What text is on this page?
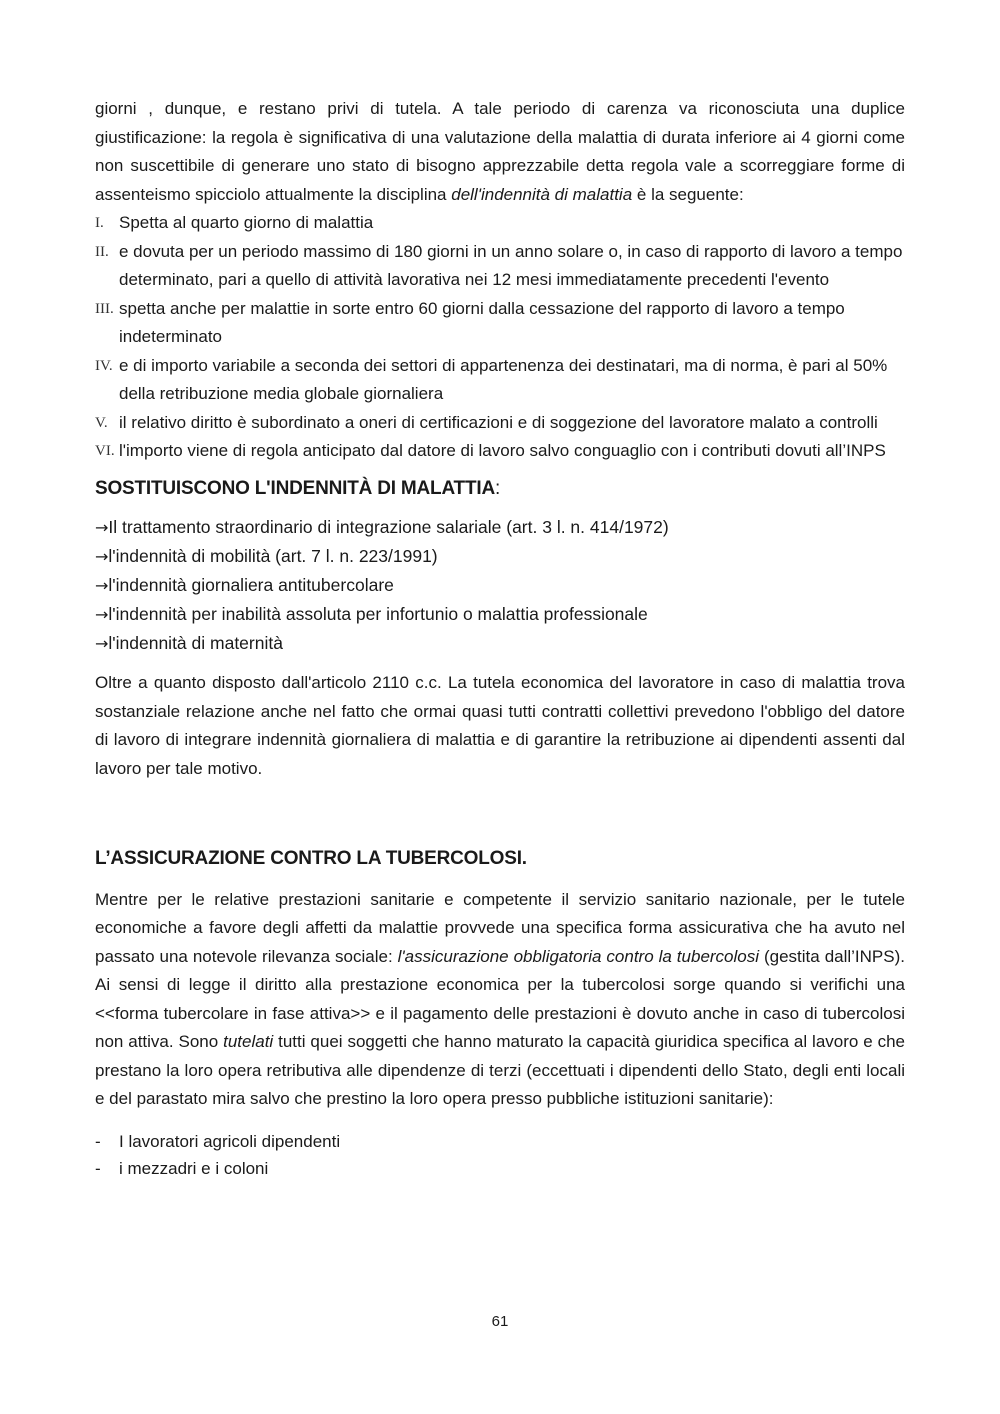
giorni , dunque, e restano privi di tutela. A tale periodo di carenza va riconosciuta una duplice giustificazione: la regola è significativa di una valutazione della malattia di durata inferiore ai 4 giorni come non suscettibile di generare uno stato di bisogno apprezzabile detta regola vale a scorreggiare forme di assenteismo spicciolo attualmente la disciplina dell'indennità di malattia è la seguente:

I. Spetta al quarto giorno di malattia
II. e dovuta per un periodo massimo di 180 giorni in un anno solare o, in caso di rapporto di lavoro a tempo determinato, pari a quello di attività lavorativa nei 12 mesi immediatamente precedenti l'evento
III. spetta anche per malattie in sorte entro 60 giorni dalla cessazione del rapporto di lavoro a tempo indeterminato
IV. e di importo variabile a seconda dei settori di appartenenza dei destinatari, ma di norma, è pari al 50% della retribuzione media globale giornaliera
V. il relativo diritto è subordinato a oneri di certificazioni e di soggezione del lavoratore malato a controlli
VI. l'importo viene di regola anticipato dal datore di lavoro salvo conguaglio con i contributi dovuti all’INPS
SOSTITUISCONO L'INDENNITÀ DI MALATTIA:
→Il trattamento straordinario di integrazione salariale (art. 3 l. n. 414/1972)
→l'indennità di mobilità (art. 7 l. n. 223/1991)
→l'indennità giornaliera antitubercolare
→l'indennità per inabilità assoluta per infortunio o malattia professionale
→l'indennità di maternità

Oltre a quanto disposto dall'articolo 2110 c.c. La tutela economica del lavoratore in caso di malattia trova sostanziale relazione anche nel fatto che ormai quasi tutti contratti collettivi prevedono l'obbligo del datore di lavoro di integrare indennità giornaliera di malattia e di garantire la retribuzione ai dipendenti assenti dal lavoro per tale motivo.

L’ASSICURAZIONE CONTRO LA TUBERCOLOSI.

Mentre per le relative prestazioni sanitarie e competente il servizio sanitario nazionale, per le tutele economiche a favore degli affetti da malattie provvede una specifica forma assicurativa che ha avuto nel passato una notevole rilevanza sociale: l'assicurazione obbligatoria contro la tubercolosi (gestita dall’INPS). Ai sensi di legge il diritto alla prestazione economica per la tubercolosi sorge quando si verifichi una <<forma tubercolare in fase attiva>> e il pagamento delle prestazioni è dovuto anche in caso di tubercolosi non attiva. Sono tutelati tutti quei soggetti che hanno maturato la capacità giuridica specifica al lavoro e che prestano la loro opera retributiva alle dipendenze di terzi (eccettuati i dipendenti dello Stato, degli enti locali e del parastato mira salvo che prestino la loro opera presso pubbliche istituzioni sanitarie):

- I lavoratori agricoli dipendenti
- i mezzadri e i coloni
61
